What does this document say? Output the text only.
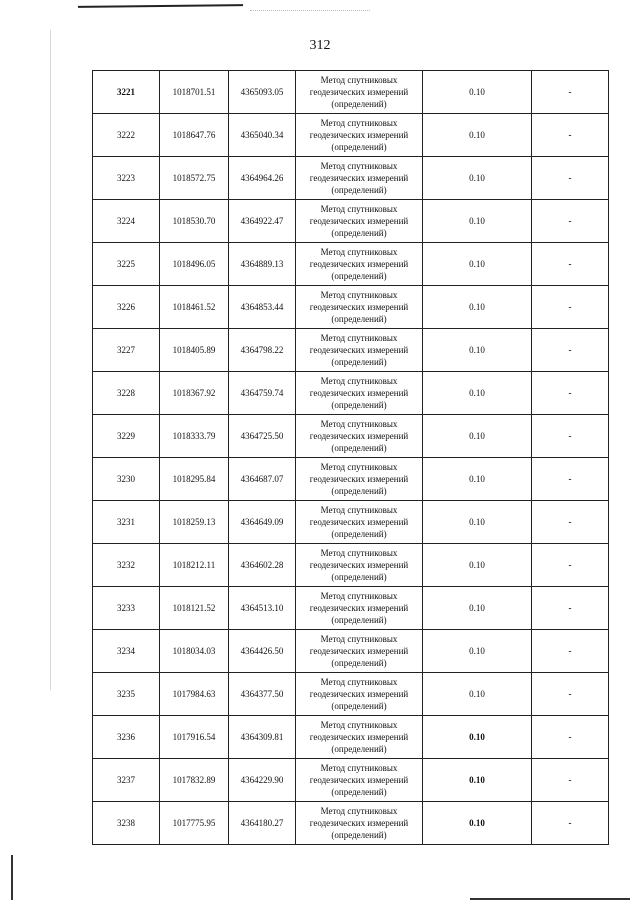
312
3221	1018701.51	4365093.05	Метод спутниковых
геодезических измерений
(определений)	0.10	-
3222	1018647.76	4365040.34	Метод спутниковых
геодезических измерений
(определений)	0.10	-
3223	1018572.75	4364964.26	Метод спутниковых
геодезических измерений
(определений)	0.10	-
3224	1018530.70	4364922.47	Метод спутниковых
геодезических измерений
(определений)	0.10	-
3225	1018496.05	4364889.13	Метод спутниковых
геодезических измерений
(определений)	0.10	-
3226	1018461.52	4364853.44	Метод спутниковых
геодезических измерений
(определений)	0.10	-
3227	1018405.89	4364798.22	Метод спутниковых
геодезических измерений
(определений)	0.10	-
3228	1018367.92	4364759.74	Метод спутниковых
геодезических измерений
(определений)	0.10	-
3229	1018333.79	4364725.50	Метод спутниковых
геодезических измерений
(определений)	0.10	-
3230	1018295.84	4364687.07	Метод спутниковых
геодезических измерений
(определений)	0.10	-
3231	1018259.13	4364649.09	Метод спутниковых
геодезических измерений
(определений)	0.10	-
3232	1018212.11	4364602.28	Метод спутниковых
геодезических измерений
(определений)	0.10	-
3233	1018121.52	4364513.10	Метод спутниковых
геодезических измерений
(определений)	0.10	-
3234	1018034.03	4364426.50	Метод спутниковых
геодезических измерений
(определений)	0.10	-
3235	1017984.63	4364377.50	Метод спутниковых
геодезических измерений
(определений)	0.10	-
3236	1017916.54	4364309.81	Метод спутниковых
геодезических измерений
(определений)	0.10	-
3237	1017832.89	4364229.90	Метод спутниковых
геодезических измерений
(определений)	0.10	-
3238	1017775.95	4364180.27	Метод спутниковых
геодезических измерений
(определений)	0.10	-
